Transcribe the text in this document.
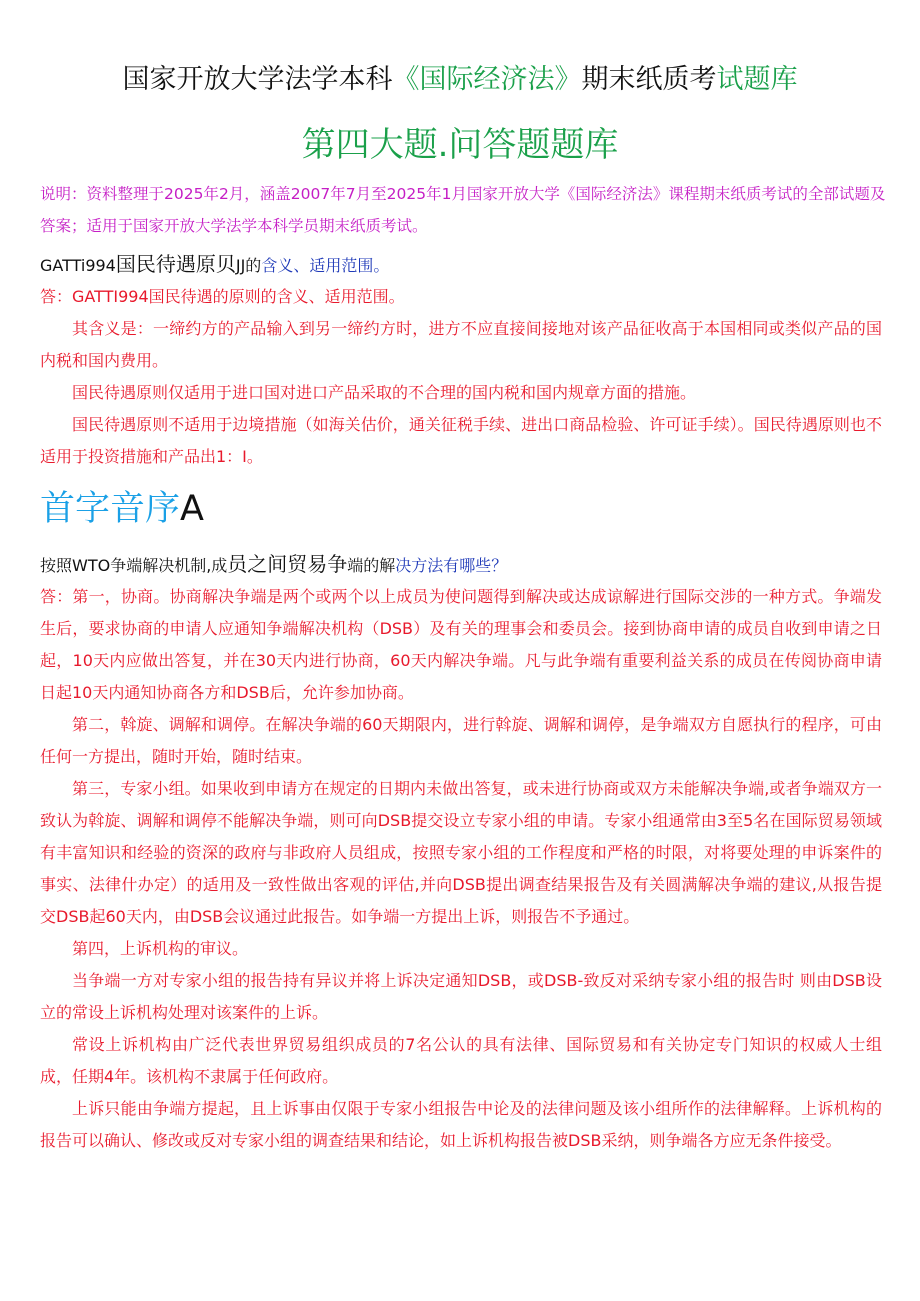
国家开放大学法学本科《国际经济法》期末纸质考试题库
第四大题.问答题题库
说明：资料整理于2025年2月，涵盖2007年7月至2025年1月国家开放大学《国际经济法》课程期末纸质考试的全部试题及答案；适用于国家开放大学法学本科学员期末纸质考试。
GATTi994国民待遇原贝JJ的含义、适用范围。

答：GATTI994国民待遇的原则的含义、适用范围。

其含义是：一缔约方的产品输入到另一缔约方时，进方不应直接间接地对该产品征收高于本国相同或类似产品的国内税和国内费用。

国民待遇原则仅适用于进口国对进口产品采取的不合理的国内税和国内规章方面的措施。

国民待遇原则不适用于边境措施（如海关估价，通关征税手续、进出口商品检验、许可证手续）。国民待遇原则也不适用于投资措施和产品出1：I。

首字音序A
按照WTO争端解决机制,成员之间贸易争端的解决方法有哪些？

答：第一，协商。协商解决争端是两个或两个以上成员为使问题得到解决或达成谅解进行国际交涉的一种方式。争端发生后，要求协商的申请人应通知争端解决机构（DSB）及有关的理事会和委员会。接到协商申请的成员自收到申请之日起，10天内应做出答复，并在30天内进行协商，60天内解决争端。凡与此争端有重要利益关系的成员在传阅协商申请日起10天内通知协商各方和DSB后，允许参加协商。

第二，斡旋、调解和调停。在解决争端的60天期限内，进行斡旋、调解和调停，是争端双方自愿执行的程序，可由任何一方提出，随时开始，随时结束。

第三，专家小组。如果收到申请方在规定的日期内未做出答复，或未进行协商或双方未能解决争端,或者争端双方一致认为斡旋、调解和调停不能解决争端，则可向DSB提交设立专家小组的申请。专家小组通常由3至5名在国际贸易领域有丰富知识和经验的资深的政府与非政府人员组成，按照专家小组的工作程度和严格的时限，对将要处理的申诉案件的事实、法律什办定）的适用及一致性做出客观的评估,并向DSB提出调查结果报告及有关圆满解决争端的建议,从报告提交DSB起60天内，由DSB会议通过此报告。如争端一方提出上诉，则报告不予通过。

第四，上诉机构的审议。

当争端一方对专家小组的报告持有异议并将上诉决定通知DSB，或DSB-致反对采纳专家小组的报告时 则由DSB设立的常设上诉机构处理对该案件的上诉。

常设上诉机构由广泛代表世界贸易组织成员的7名公认的具有法律、国际贸易和有关协定专门知识的权威人士组成，任期4年。该机构不隶属于任何政府。

上诉只能由争端方提起，且上诉事由仅限于专家小组报告中论及的法律问题及该小组所作的法律解释。上诉机构的报告可以确认、修改或反对专家小组的调查结果和结论，如上诉机构报告被DSB采纳，则争端各方应无条件接受。
